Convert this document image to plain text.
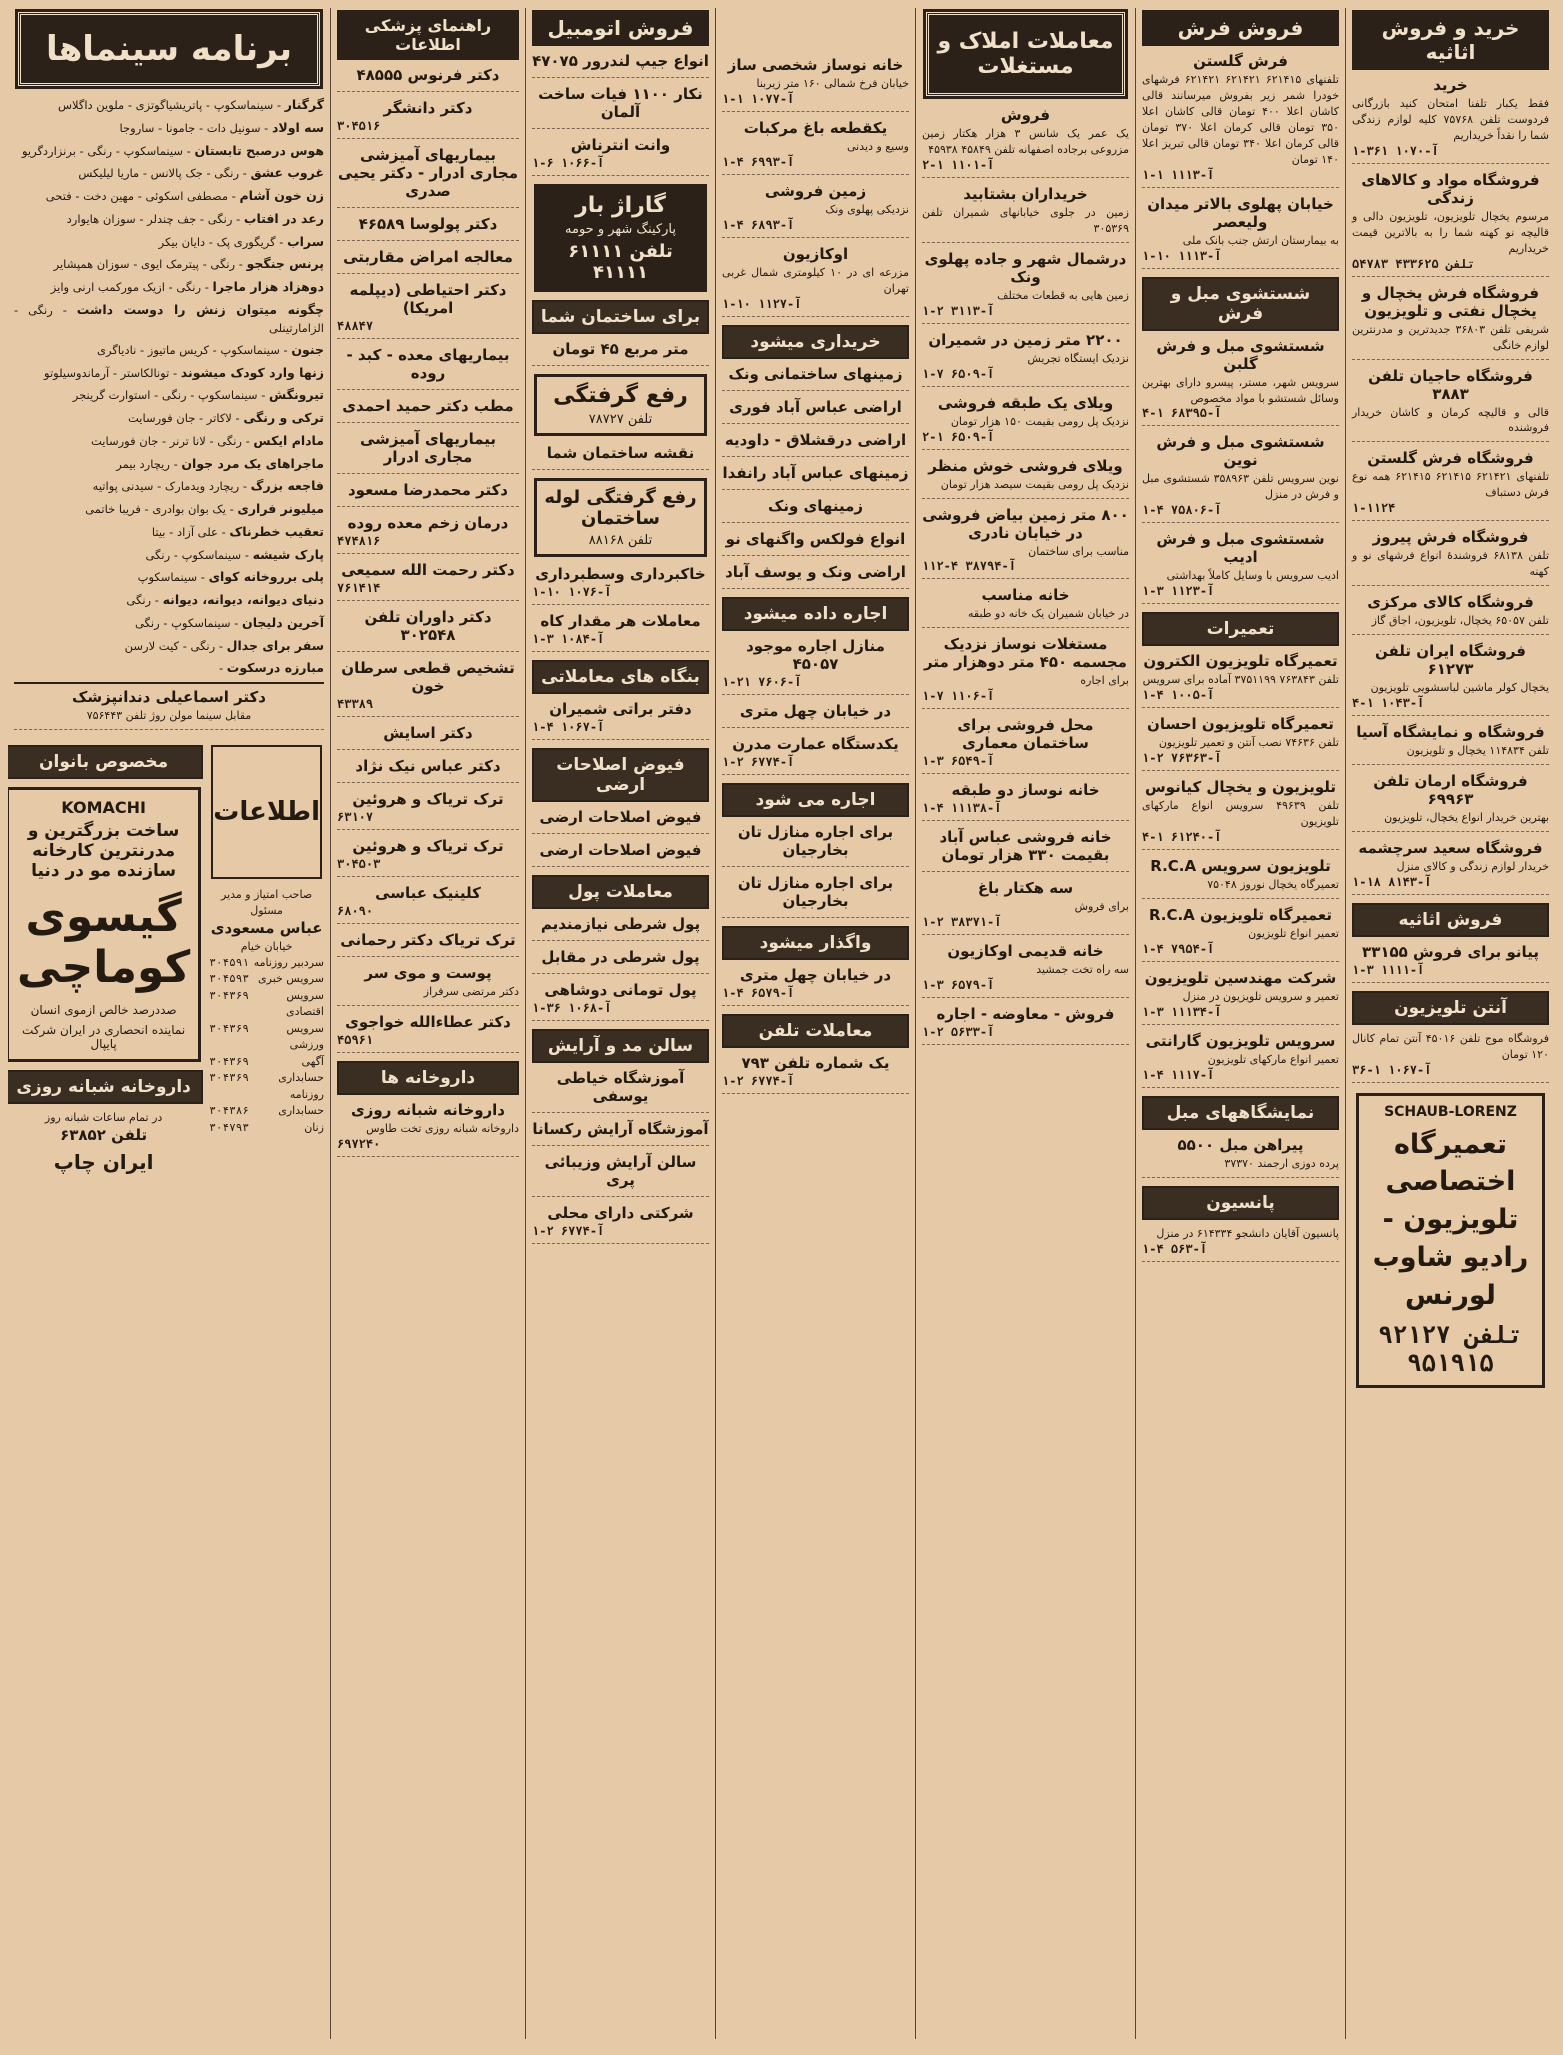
خرید و فروش اثاثیه
خرید
فقط یکبار تلفنا امتحان کنید بازرگانی فردوست تلفن ۷۵۷۶۸ کلیه لوازم زندگی شما را نقداً خریداریم
۱-۳۶۱ آ-۱۰۷۰
فروشگاه مواد و کالاهای زندگی
مرسوم یخچال تلویزیون، تلویزیون دالی و قالیچه نو کهنه شما را به بالاترین قیمت خریداریم
تلفن ۴۳۳۶۲۵ ۵۴۷۸۳
فروشگاه فرش یخچال و یخچال نفتی و تلویزیون
شریفی تلفن ۳۶۸۰۳ جدیدترین و مدرنترین لوازم خانگی
فروشگاه حاجیان تلفن ۳۸۸۳
قالی و قالیچه کرمان و کاشان خریدار فروشنده
فروشگاه فرش گلستن
تلفنهای ۶۲۱۴۲۱ ۶۲۱۴۱۵ ۶۲۱۴۱۵ همه نوع فرش دستباف
۱-۱۱۲۴
فروشگاه فرش پیروز
تلفن ۶۸۱۳۸ فروشندهٔ انواع فرشهای نو و کهنه
فروشگاه کالای مرکزی
تلفن ۶۵۰۵۷ یخچال، تلویزیون، اجاق گاز
فروشگاه ایران تلفن ۶۱۲۷۳
یخچال کولر ماشین لباسشویی تلویزیون
۴-۱ آ-۱۰۴۳
فروشگاه و نمایشگاه آسیا
تلفن ۱۱۴۸۳۴ یخچال و تلویزیون
فروشگاه ارمان تلفن ۶۹۹۶۳
بهترین خریدار انواع یخچال، تلویزیون
فروشگاه سعید سرچشمه
خریدار لوازم زندگی و کالای منزل
۱-۱۸ آ-۸۱۴۳
فروش اثاثیه
پیانو برای فروش ۳۳۱۵۵
۱-۳ آ-۱۱۱۱
آنتن تلویزیون
فروشگاه موج تلفن ۴۵۰۱۶ آنتن تمام کانال ۱۲۰ تومان
۳۶-۱ آ-۱۰۶۷
SCHAUB-LORENZ
تعمیرگاه اختصاصی تلویزیون - رادیو شاوب لورنس
تلفن ۹۲۱۲۷ ۹۵۱۹۱۵
فروش فرش
فرش گلستن
تلفنهای ۶۲۱۴۱۵ ۶۲۱۴۲۱ ۶۲۱۴۲۱ فرشهای خودرا شمر زیر بفروش میرسانند قالی کاشان اعلا ۴۰۰ تومان قالی کاشان اعلا ۳۵۰ تومان قالی کرمان اعلا ۳۷۰ تومان قالی کرمان اعلا ۳۴۰ تومان قالی تبریز اعلا ۱۴۰ تومان
۱-۱ آ-۱۱۱۳
خیابان پهلوی بالاتر میدان ولیعصر
به بیمارستان ارتش جنب بانک ملی
۱-۱۰ آ-۱۱۱۳
شستشوی مبل و فرش
شستشوی مبل و فرش گلبن
سرویس شهر، مستر، پیسرو دارای بهترین وسائل شستشو با مواد مخصوص
۴-۱ آ-۶۸۳۹۵
شستشوی مبل و فرش نوین
نوین سرویس تلفن ۳۵۸۹۶۳ شستشوی مبل و فرش در منزل
۱-۴ آ-۷۵۸۰۶
شستشوی مبل و فرش ادیب
ادیب سرویس با وسایل کاملاً بهداشتی
۱-۳ آ-۱۱۲۳
تعمیرات
تعمیرگاه تلویزیون الکترون
تلفن ۷۶۳۸۴۳ ۳۷۵۱۱۹۹ آماده برای سرویس
۱-۴ آ-۱۰۰۵
تعمیرگاه تلویزیون احسان
تلفن ۷۴۶۳۶ نصب آنتن و تعمیر تلویزیون
۱-۲ آ-۷۶۳۶۳
تلویزیون و یخچال کیانوس
تلفن ۴۹۶۳۹ سرویس انواع مارکهای تلویزیون
۴-۱ آ-۶۱۲۴۰
تلویزیون سرویس R.C.A
تعمیرگاه یخچال نوروز ۷۵۰۴۸
تعمیرگاه تلویزیون R.C.A
تعمیر انواع تلویزیون
۱-۴ آ-۷۹۵۴
شرکت مهندسین تلویزیون
تعمیر و سرویس تلویزیون در منزل
۱-۳ آ-۱۱۱۳۴
سرویس تلویزیون گارانتی
تعمیر انواع مارکهای تلویزیون
۱-۴ آ-۱۱۱۷
نمایشگاههای مبل
پیراهن مبل ۵۵۰۰
پرده دوزی ارجمند ۳۷۳۷۰
پانسیون
پانسیون آقایان دانشجو ۶۱۴۳۳۴ در منزل
۱-۴ آ-۵۶۳
معاملات املاک و مستغلات
فروش
یک عمر یک شانس ۳ هزار هکتار زمین مزروعی برجاده اصفهانه تلفن ۴۵۸۴۹ ۴۵۹۳۸
۲-۱ آ-۱۱۰۱
خریداران بشتابید
زمین در جلوی خیابانهای شمیران تلفن ۳۰۵۳۶۹
درشمال شهر و جاده پهلوی ونک
زمین هایی به قطعات مختلف
۱-۲ آ-۳۱۱۳
۲۲۰۰ متر زمین در شمیران
نزدیک ایستگاه تجریش
۱-۷ آ-۶۵۰۹
ویلای یک طبقه فروشی
نزدیک پل رومی بقیمت ۱۵۰ هزار تومان
۲-۱ آ-۶۵۰۹
ویلای فروشی خوش منظر
نزدیک پل رومی بقیمت سیصد هزار تومان
۸۰۰ متر زمین بیاض فروشی در خیابان نادری
مناسب برای ساختمان
۱۱۲-۴ آ-۳۸۷۹۴
خانه مناسب
در خیابان شمیران یک خانه دو طبقه
مستغلات نوساز نزدیک مجسمه ۴۵۰ متر دوهزار متر
برای اجاره
۱-۷ آ-۱۱۰۶
محل فروشی برای ساختمان معماری
۱-۳ آ-۶۵۴۹
خانه نوساز دو طبقه
۱-۴ آ-۱۱۱۳۸
خانه فروشی عباس آباد بقیمت ۳۳۰ هزار تومان
سه هکتار باغ
برای فروش
۱-۲ آ-۳۸۳۷۱
خانه قدیمی اوکازیون
سه راه تخت جمشید
۱-۳ آ-۶۵۷۹
فروش - معاوضه - اجاره
۱-۲ آ-۵۶۳۳
خانه نوساز شخصی ساز
خیابان فرخ شمالی ۱۶۰ متر زیربنا
۱-۱ آ-۱۰۷۷
یکقطعه باغ مرکبات
وسیع و دیدنی
۱-۴ آ-۶۹۹۳
زمین فروشی
نزدیکی پهلوی ونک
۱-۴ آ-۶۸۹۳
اوکازیون
مزرعه ای در ۱۰ کیلومتری شمال غربی تهران
۱-۱۰ آ-۱۱۲۷
خریداری میشود
زمینهای ساختمانی ونک
اراضی عباس آباد فوری
اراضی درقشلاق - داودیه
زمینهای عباس آباد رانفدا
زمینهای ونک
انواع فولکس واگنهای نو
اراضی ونک و یوسف آباد
اجاره داده میشود
منازل اجاره موجود ۴۵۰۵۷
۱-۲۱ آ-۷۶۰۶
در خیابان چهل متری
یکدستگاه عمارت مدرن
۱-۲ آ-۶۷۷۴
اجاره می شود
برای اجاره منازل تان بخارجیان
برای اجاره منازل تان بخارجیان
واگذار میشود
در خیابان چهل متری
۱-۴ آ-۶۵۷۹
معاملات تلفن
یک شماره تلفن ۷۹۳
۱-۲ آ-۶۷۷۴
فروش اتومبیل
انواع جیپ لندرور ۴۷۰۷۵
نکار ۱۱۰۰ فیات ساخت آلمان
وانت انترناش
۱-۶ آ-۱۰۶۶
گاراژ بار
پارکینگ شهر و حومه
تلفن ۶۱۱۱۱ ۴۱۱۱۱
برای ساختمان شما
متر مربع ۴۵ تومان
رفع گرفتگی
تلفن ۷۸۷۲۷
نقشه ساختمان شما
رفع گرفتگی لوله ساختمان
تلفن ۸۸۱۶۸
خاکبرداری وسطبرداری
۱-۱۰ آ-۱۰۷۶
معاملات هر مقدار کاه
۱-۳ آ-۱۰۸۴
بنگاه های معاملاتی
دفتر براتی شمیران
۱-۴ آ-۱۰۶۷
فیوض اصلاحات ارضی
فیوض اصلاحات ارضی
فیوض اصلاحات ارضی
معاملات پول
پول شرطی نیازمندیم
پول شرطی در مقابل
پول تومانی دوشاهی
۱-۳۶ آ-۱۰۶۸
سالن مد و آرایش
آموزشگاه خیاطی یوسفی
آموزشگاه آرایش رکسانا
سالن آرایش وزیبائی پری
شرکتی دارای محلی
۱-۲ آ-۶۷۷۴
راهنمای پزشکی اطلاعات
دکتر فرنوس ۴۸۵۵۵
دکتر دانشگر
۳۰۴۵۱۶
بیماریهای آمیزشی مجاری ادرار - دکتر یحیی صدری
دکتر پولوسا ۴۶۵۸۹
معالجه امراض مقاربتی
دکتر احتیاطی (دیپلمه امریکا)
۴۸۸۴۷
بیماریهای معده - کبد - روده
مطب دکتر حمید احمدی
بیماریهای آمیزشی مجاری ادرار
دکتر محمدرضا مسعود
درمان زخم معده روده
۴۷۴۸۱۶
دکتر رحمت الله سمیعی
۷۶۱۴۱۴
دکتر داوران تلفن ۳۰۲۵۴۸
تشخیص قطعی سرطان خون
۴۳۳۸۹
دکتر اسایش
دکتر عباس نیک نژاد
ترک تریاک و هروئین
۶۳۱۰۷
ترک تریاک و هروئین
۳۰۴۵۰۳
کلینیک عباسی
۶۸۰۹۰
ترک تریاک دکتر رحمانی
پوست و موی سر
دکتر مرتضی سرفراز
دکتر عطاءالله خواجوی
۴۵۹۶۱
داروخانه ها
داروخانه شبانه روزی
داروخانه شبانه روزی تخت طاوس
۶۹۷۲۴۰
برنامه سینماها
گرگنار - سینماسکوپ - پاتریشیاگوتزی - ملوین داگلاس
سه اولاد - سونیل دات - جامونا - ساروجا
هوس درصبح تابستان - سینماسکوپ - رنگی - برنزاردگریو
غروب عشق - رنگی - جک پالانس - ماریا لیلیکس
زن خون آشام - مصطفی اسکوئی - مهین دخت - فتحی
رعد در افتاب - رنگی - جف چندلر - سوزان هایوارد
سراب - گریگوری پک - دایان بیکر
پرنس جنگجو - رنگی - پیترمک ایوی - سوزان همپشایر
دوهزاد هزار ماجرا - رنگی - ازیک مورکمب ارنی وایز
چگونه میتوان زنش را دوست داشت - رنگی - الزامارتینلی
جنون - سینماسکوپ - کریس ماتیوز - نادیاگری
زنها وارد کودک میشوند - تونالکاستر - آرماندوسیلوتو
تیرونگش - سینماسکوپ - رنگی - استوارت گرینجر
ترکی و رنگی - لاکاتر - جان فورسایت
مادام ایکس - رنگی - لانا ترنر - جان فورسایت
ماجراهای یک مرد جوان - ریچارد بیمر
فاجعه بزرگ - ریچارد ویدمارک - سیدنی پواتیه
میلیونر فراری - یک بوان بوادری - فریبا خاتمی
تعقیب خطرناک - علی آزاد - بیتا
پارک شیشه - سینماسکوپ - رنگی
پلی برروخانه کوای - سینماسکوپ
دنیای دیوانه، دیوانه، دیوانه - رنگی
آخرین دلیجان - سینماسکوپ - رنگی
سفر برای جدال - رنگی - کیت لارسن
مبارزه درسکوت -
دکتر اسماعیلی دندانپزشک
مقابل سینما مولن روژ تلفن ۷۵۶۴۴۳
اطلاعات
صاحب امتیاز و مدیر مسئول
عباس مسعودی
خیابان خیام
سردبیر روزنامه
۳۰۴۵۹۱
سرویس خبری
۳۰۴۵۹۳
سرویس اقتصادی
۳۰۴۳۶۹
سرویس ورزشی
۳۰۴۳۶۹
آگهی
۳۰۴۳۶۹
حسابداری روزنامه
۳۰۴۳۶۹
حسابداری
۳۰۴۳۸۶
زنان
۳۰۴۷۹۳
مخصوص بانوان
KOMACHI
ساخت بزرگترین و مدرنترین کارخانه سازنده مو در دنیا
گیسوی کوماچی
صددرصد خالص ازموی انسان
نماینده انحصاری در ایران شرکت پایپال
داروخانه شبانه روزی
در تمام ساعات شبانه روز
تلفن ۶۳۸۵۲
ایران چاپ
